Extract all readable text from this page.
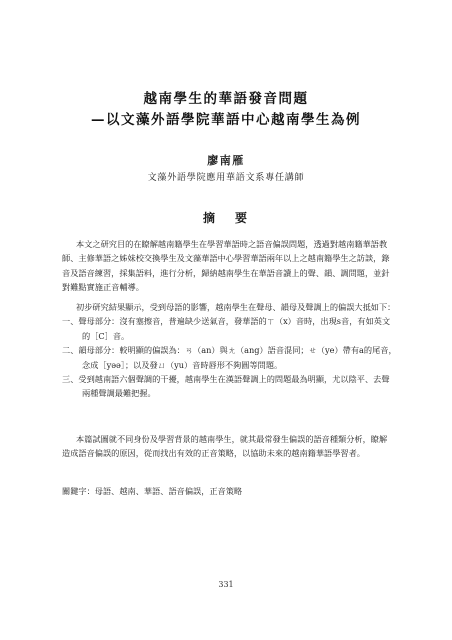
越南學生的華語發音問題
—以文藻外語學院華語中心越南學生為例
廖南雁
文藻外語學院應用華語文系專任講師
摘 要
本文之研究目的在瞭解越南籍學生在學習華語時之語音偏誤問題，透過對越南籍華語教
師、主修華語之姊妹校交換學生及文藻華語中心學習華語兩年以上之越南籍學生之訪談，錄
音及語音練習，採集語料，進行分析，歸納越南學生在華語音讀上的聲、韻、調問題，並針
對難點實施正音輔導。
初步研究結果顯示，受到母語的影響，越南學生在聲母、韻母及聲調上的偏誤大抵如下：
一、聲母部分：沒有塞擦音，普遍缺少送氣音，發華語的ㄒ（x）音時，出現s音，有如英文
的［C］音。
二、韻母部分：較明顯的偏誤為：ㄢ（an）與ㄤ（ang）語音混同；ㄝ（ye）帶有a的尾音，
念成［yəə］；以及發ㄩ（yu）音時唇形不夠圓等問題。
三、受到越南語六個聲調的干擾，越南學生在漢語聲調上的問題最為明顯，尤以陰平、去聲
兩種聲調最難把握。
本篇試圖就不同身份及學習背景的越南學生，就其最常發生偏誤的語音種類分析，瞭解
造成語音偏誤的原因，從而找出有效的正音策略，以協助未來的越南籍華語學習者。
關鍵字：母語、越南、華語、語音偏誤，正音策略
331
